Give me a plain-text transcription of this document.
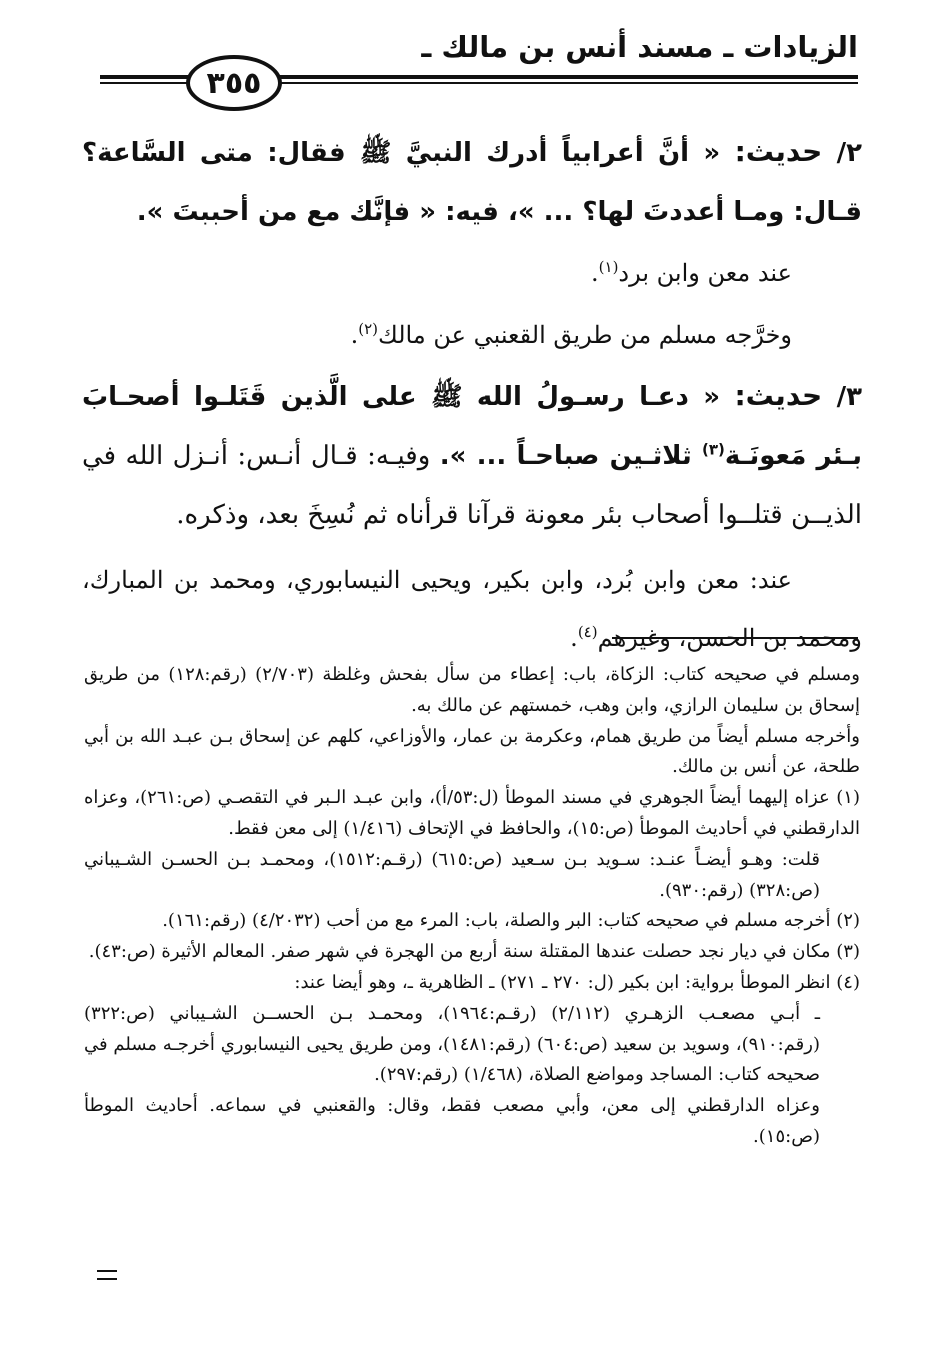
الزيادات ـ مسند أنس بن مالك ـ
٣٥٥
٢/ حديث: « أنَّ أعرابياً أدرك النبيَّ ﷺ فقال: متى السَّاعة؟ قـال: ومـا أعددتَ لها؟ ... »، فيه: « فإنَّك مع من أحببتَ ».
عند معن وابن برد$^{(١)}$.
وخرَّجه مسلم من طريق القعنبي عن مالك$^{(٢)}$.
٣/ حديث: « دعـا رسـولُ الله ﷺ على الَّذين قَتَلـوا أصحـابَ بـئر مَعونَـة$^{(٣)}$ ثلاثـين صباحـاً ... ». وفيـه: قـال أنـس: أنـزل الله في الذيــن قتلــوا أصحاب بئر معونة قرآنا قرأناه ثم نُسِخَ بعد، وذكره.
عند: معن وابن بُرد، وابن بكير، ويحيى النيسابوري، ومحمد بن المبارك، ومحمد بن الحسن، وغيرهم$^{(٤)}$.

ومسلم في صحيحه كتاب: الزكاة، باب: إعطاء من سأل بفحش وغلظة (٢/٧٠٣) (رقم:١٢٨) من طريق إسحاق بن سليمان الرازي، وابن وهب، خمستهم عن مالك به.

وأخرجه مسلم أيضاً من طريق همام، وعكرمة بن عمار، والأوزاعي، كلهم عن إسحاق بـن عبـد الله بن أبي طلحة، عن أنس بن مالك.

(١) عزاه إليهما أيضاً الجوهري في مسند الموطأ (ل:٥٣/أ)، وابن عبـد الـبر في التقصـي (ص:٢٦١)، وعزاه الدارقطني في أحاديث الموطأ (ص:١٥)، والحافظ في الإتحاف (١/٤١٦) إلى معن فقط.

قلت: وهـو أيضـاً عنـد: سـويد بـن سـعيد (ص:٦١٥) (رقـم:١٥١٢)، ومحمـد بـن الحسـن الشـيباني (ص:٣٢٨) (رقم:٩٣٠).

(٢) أخرجه مسلم في صحيحه كتاب: البر والصلة، باب: المرء مع من أحب (٤/٢٠٣٢) (رقم:١٦١).

(٣) مكان في ديار نجد حصلت عندها المقتلة سنة أربع من الهجرة في شهر صفر. المعالم الأثيرة (ص:٤٣).

(٤) انظر الموطأ برواية: ابن بكير (ل: ٢٧٠ ـ ٢٧١) ـ الظاهرية ـ، وهو أيضا عند:

ـ أبـي مصعـب الزهـري (٢/١١٢) (رقـم:١٩٦٤)، ومحمـد بـن الحســن الشـيباني (ص:٣٢٢) (رقم:٩١٠)، وسويد بن سعيد (ص:٦٠٤) (رقم:١٤٨١)، ومن طريق يحيى النيسابوري أخرجـه مسلم في صحيحه كتاب: المساجد ومواضع الصلاة، (١/٤٦٨) (رقم:٢٩٧).

وعزاه الدارقطني إلى معن، وأبي مصعب فقط، وقال: والقعنبي في سماعه. أحاديث الموطأ (ص:١٥).
